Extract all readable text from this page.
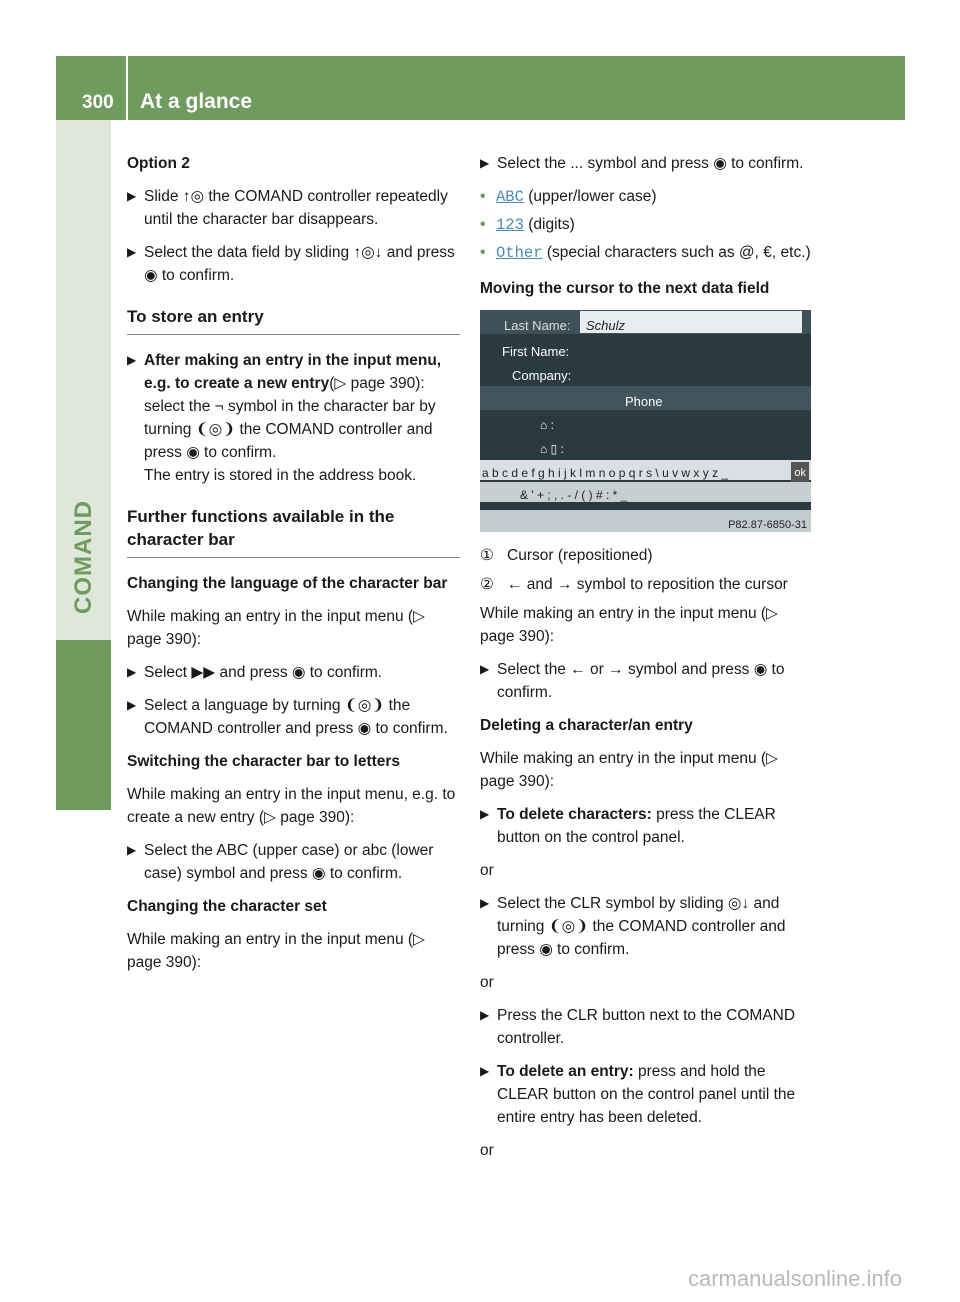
300 At a glance
COMAND

Option 2

▶ Slide ↑◎ the COMAND controller repeatedly until the character bar disappears.
▶ Select the data field by sliding ↑◎↓ and press ◉ to confirm.
To store an entry
▶ After making an entry in the input menu, e.g. to create a new entry(▷ page 390): select the ¬ symbol in the character bar by turning ❨◎❩ the COMAND controller and press ◉ to confirm.
The entry is stored in the address book.
Further functions available in the character bar

Changing the language of the character bar

While making an entry in the input menu (▷ page 390):

▶ Select ▶▶ and press ◉ to confirm.
▶ Select a language by turning ❨◎❩ the COMAND controller and press ◉ to confirm.

Switching the character bar to letters

While making an entry in the input menu, e.g. to create a new entry (▷ page 390):

▶ Select the ABC (upper case) or abc (lower case) symbol and press ◉ to confirm.

Changing the character set

While making an entry in the input menu (▷ page 390):

▶ Select the ... symbol and press ◉ to confirm.
• ABC (upper/lower case)
• 123 (digits)
• Other (special characters such as @, €, etc.)

Moving the cursor to the next data field

Last Name: Schulz
First Name:
Company:
Phone
⌂ :
⌂ ▯ :
a b c d e f g h i j k l m n o p q r s \ u v w x y z _	ok
& ' + ; , . - / ( ) # : * _
P82.87-6850-31
① Cursor (repositioned)
② ← and → symbol to reposition the cursor

While making an entry in the input menu (▷ page 390):

▶ Select the ← or → symbol and press ◉ to confirm.

Deleting a character/an entry

While making an entry in the input menu (▷ page 390):

▶ To delete characters: press the CLEAR button on the control panel.

or

▶ Select the CLR symbol by sliding ◎↓ and turning ❨◎❩ the COMAND controller and press ◉ to confirm.

or

▶ Press the CLR button next to the COMAND controller.
▶ To delete an entry: press and hold the CLEAR button on the control panel until the entire entry has been deleted.

or

carmanualsonline.info
